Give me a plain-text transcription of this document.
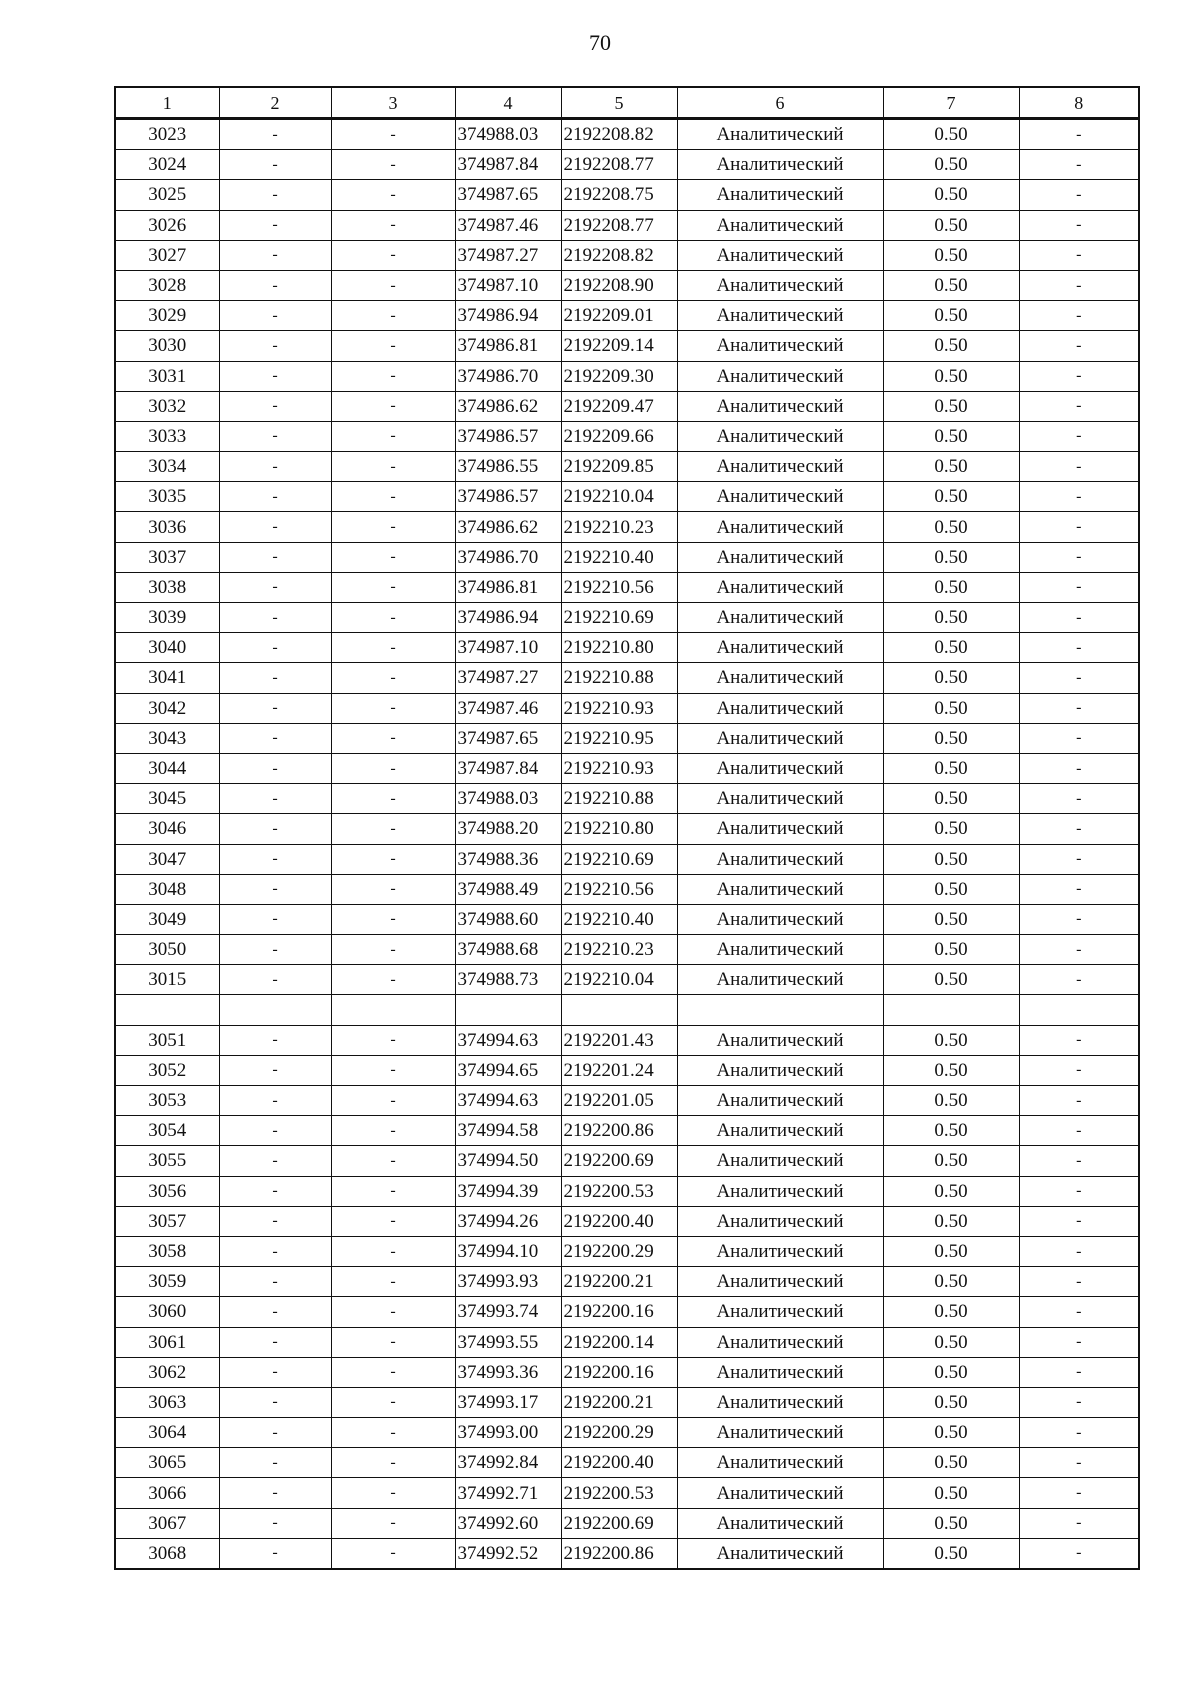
70
1	2	3	4	5	6	7	8
3023	-	-	374988.03	2192208.82	Аналитический	0.50	-
3024	-	-	374987.84	2192208.77	Аналитический	0.50	-
3025	-	-	374987.65	2192208.75	Аналитический	0.50	-
3026	-	-	374987.46	2192208.77	Аналитический	0.50	-
3027	-	-	374987.27	2192208.82	Аналитический	0.50	-
3028	-	-	374987.10	2192208.90	Аналитический	0.50	-
3029	-	-	374986.94	2192209.01	Аналитический	0.50	-
3030	-	-	374986.81	2192209.14	Аналитический	0.50	-
3031	-	-	374986.70	2192209.30	Аналитический	0.50	-
3032	-	-	374986.62	2192209.47	Аналитический	0.50	-
3033	-	-	374986.57	2192209.66	Аналитический	0.50	-
3034	-	-	374986.55	2192209.85	Аналитический	0.50	-
3035	-	-	374986.57	2192210.04	Аналитический	0.50	-
3036	-	-	374986.62	2192210.23	Аналитический	0.50	-
3037	-	-	374986.70	2192210.40	Аналитический	0.50	-
3038	-	-	374986.81	2192210.56	Аналитический	0.50	-
3039	-	-	374986.94	2192210.69	Аналитический	0.50	-
3040	-	-	374987.10	2192210.80	Аналитический	0.50	-
3041	-	-	374987.27	2192210.88	Аналитический	0.50	-
3042	-	-	374987.46	2192210.93	Аналитический	0.50	-
3043	-	-	374987.65	2192210.95	Аналитический	0.50	-
3044	-	-	374987.84	2192210.93	Аналитический	0.50	-
3045	-	-	374988.03	2192210.88	Аналитический	0.50	-
3046	-	-	374988.20	2192210.80	Аналитический	0.50	-
3047	-	-	374988.36	2192210.69	Аналитический	0.50	-
3048	-	-	374988.49	2192210.56	Аналитический	0.50	-
3049	-	-	374988.60	2192210.40	Аналитический	0.50	-
3050	-	-	374988.68	2192210.23	Аналитический	0.50	-
3015	-	-	374988.73	2192210.04	Аналитический	0.50	-

3051	-	-	374994.63	2192201.43	Аналитический	0.50	-
3052	-	-	374994.65	2192201.24	Аналитический	0.50	-
3053	-	-	374994.63	2192201.05	Аналитический	0.50	-
3054	-	-	374994.58	2192200.86	Аналитический	0.50	-
3055	-	-	374994.50	2192200.69	Аналитический	0.50	-
3056	-	-	374994.39	2192200.53	Аналитический	0.50	-
3057	-	-	374994.26	2192200.40	Аналитический	0.50	-
3058	-	-	374994.10	2192200.29	Аналитический	0.50	-
3059	-	-	374993.93	2192200.21	Аналитический	0.50	-
3060	-	-	374993.74	2192200.16	Аналитический	0.50	-
3061	-	-	374993.55	2192200.14	Аналитический	0.50	-
3062	-	-	374993.36	2192200.16	Аналитический	0.50	-
3063	-	-	374993.17	2192200.21	Аналитический	0.50	-
3064	-	-	374993.00	2192200.29	Аналитический	0.50	-
3065	-	-	374992.84	2192200.40	Аналитический	0.50	-
3066	-	-	374992.71	2192200.53	Аналитический	0.50	-
3067	-	-	374992.60	2192200.69	Аналитический	0.50	-
3068	-	-	374992.52	2192200.86	Аналитический	0.50	-
